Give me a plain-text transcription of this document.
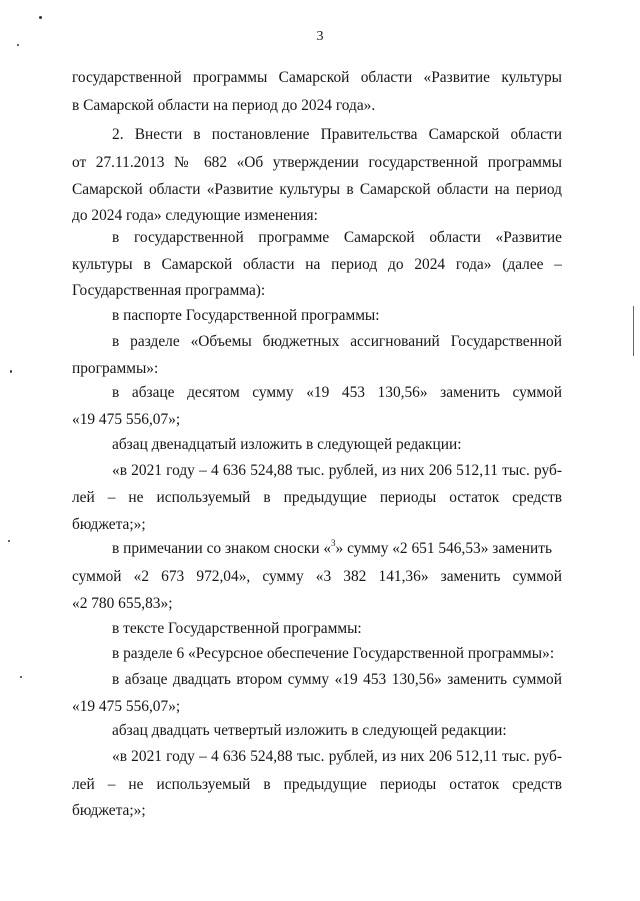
3
государственной программы Самарской области «Развитие культуры
в Самарской области на период до 2024 года».
2. Внести в постановление Правительства Самарской области
от 27.11.2013 № 682 «Об утверждении государственной программы
Самарской области «Развитие культуры в Самарской области на период
до 2024 года» следующие изменения:
в государственной программе Самарской области «Развитие
культуры в Самарской области на период до 2024 года» (далее –
Государственная программа):
в паспорте Государственной программы:
в разделе «Объемы бюджетных ассигнований Государственной
программы»:
в абзаце десятом сумму «19 453 130,56» заменить суммой
«19 475 556,07»;
абзац двенадцатый изложить в следующей редакции:
«в 2021 году – 4 636 524,88 тыс. рублей, из них 206 512,11 тыс. руб-
лей – не используемый в предыдущие периоды остаток средств
бюджета;»;
в примечании со знаком сноски «$^3$» сумму «2 651 546,53» заменить
суммой «2 673 972,04», сумму «3 382 141,36» заменить суммой
«2 780 655,83»;
в тексте Государственной программы:
в разделе 6 «Ресурсное обеспечение Государственной программы»:
в абзаце двадцать втором сумму «19 453 130,56» заменить суммой
«19 475 556,07»;
абзац двадцать четвертый изложить в следующей редакции:
«в 2021 году – 4 636 524,88 тыс. рублей, из них 206 512,11 тыс. руб-
лей – не используемый в предыдущие периоды остаток средств
бюджета;»;
